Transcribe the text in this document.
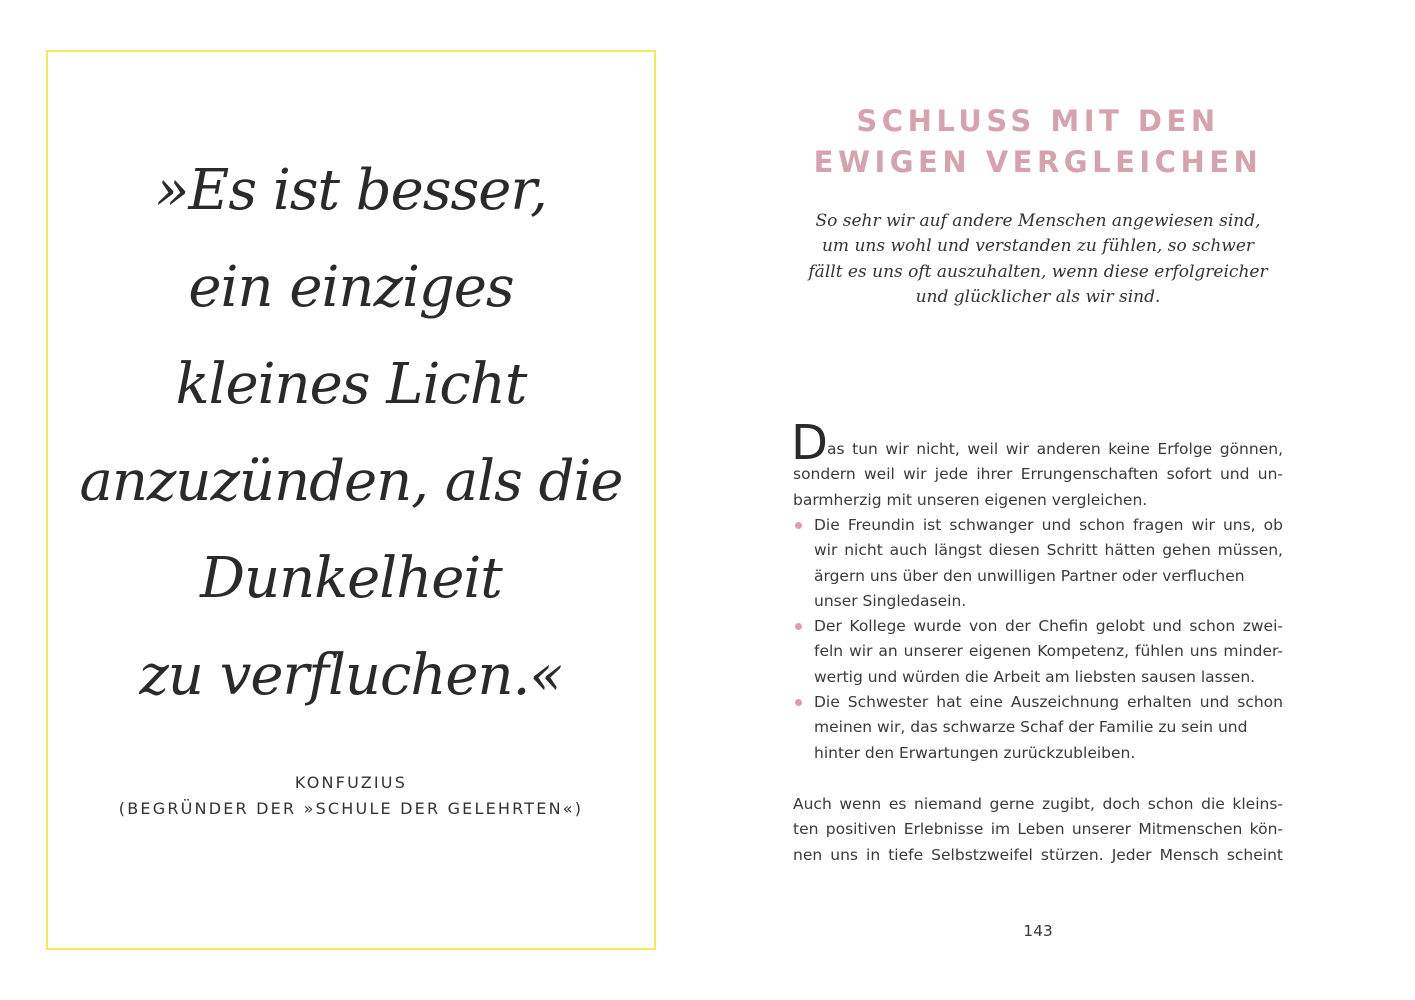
»Es ist besser,
ein einziges
kleines Licht
anzuzünden, als die
Dunkelheit
zu verfluchen.«
KONFUZIUS
(BEGRÜNDER DER »SCHULE DER GELEHRTEN«)
SCHLUSS MIT DEN
EWIGEN VERGLEICHEN
So sehr wir auf andere Menschen angewiesen sind,
um uns wohl und verstanden zu fühlen, so schwer
fällt es uns oft auszuhalten, wenn diese erfolgreicher
und glücklicher als wir sind.
D as tun wir nicht, weil wir anderen keine Erfolge gönnen,
sondern weil wir jede ihrer Errungenschaften sofort und un-
barmherzig mit unseren eigenen vergleichen.
Die Freundin ist schwanger und schon fragen wir uns, ob
wir nicht auch längst diesen Schritt hätten gehen müssen,
ärgern uns über den unwilligen Partner oder verfluchen
unser Singledasein.
Der Kollege wurde von der Chefin gelobt und schon zwei-
feln wir an unserer eigenen Kompetenz, fühlen uns minder-
wertig und würden die Arbeit am liebsten sausen lassen.
Die Schwester hat eine Auszeichnung erhalten und schon
meinen wir, das schwarze Schaf der Familie zu sein und
hinter den Erwartungen zurückzubleiben.
Auch wenn es niemand gerne zugibt, doch schon die kleins-
ten positiven Erlebnisse im Leben unserer Mitmenschen kön-
nen uns in tiefe Selbstzweifel stürzen. Jeder Mensch scheint
143
